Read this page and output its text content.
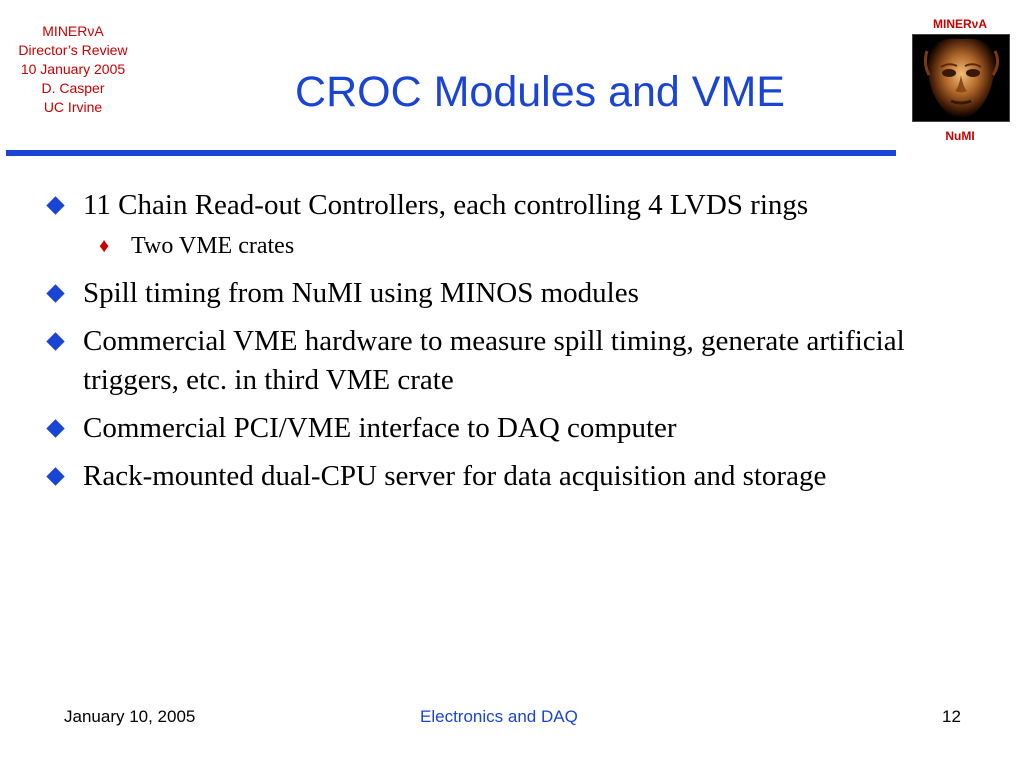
MINERνA
Director’s Review
10 January 2005
D. Casper
UC Irvine	CROC Modules and VME
MINERνA
NuMI
11 Chain Read-out Controllers, each controlling 4 LVDS rings
♦ Two VME crates
Spill timing from NuMI using MINOS modules
Commercial VME hardware to measure spill timing, generate artificial triggers, etc. in third VME crate
Commercial PCI/VME interface to DAQ computer
Rack-mounted dual-CPU server for data acquisition and storage
January 10, 2005	Electronics and DAQ	12
